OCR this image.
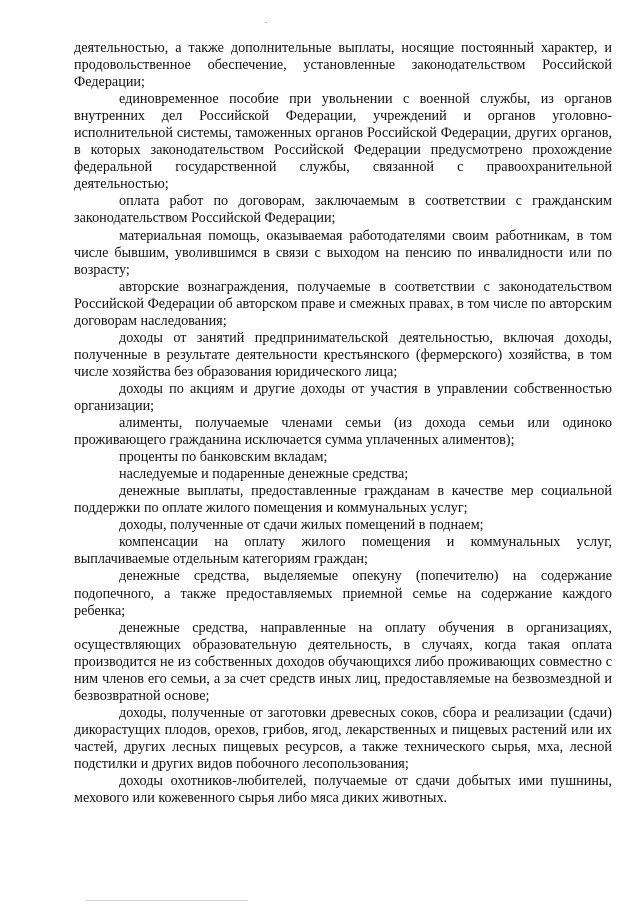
деятельностью, а также дополнительные выплаты, носящие постоянный характер, и продовольственное обеспечение, установленные законодательством Российской Федерации;

единовременное пособие при увольнении с военной службы, из органов внутренних дел Российской Федерации, учреждений и органов уголовно-исполнительной системы, таможенных органов Российской Федерации, других органов, в которых законодательством Российской Федерации предусмотрено прохождение федеральной государственной службы, связанной с правоохранительной деятельностью;

оплата работ по договорам, заключаемым в соответствии с гражданским законодательством Российской Федерации;

материальная помощь, оказываемая работодателями своим работникам, в том числе бывшим, уволившимся в связи с выходом на пенсию по инвалидности или по возрасту;

авторские вознаграждения, получаемые в соответствии с законодательством Российской Федерации об авторском праве и смежных правах, в том числе по авторским договорам наследования;

доходы от занятий предпринимательской деятельностью, включая доходы, полученные в результате деятельности крестьянского (фермерского) хозяйства, в том числе хозяйства без образования юридического лица;

доходы по акциям и другие доходы от участия в управлении собственностью организации;

алименты, получаемые членами семьи (из дохода семьи или одиноко проживающего гражданина исключается сумма уплаченных алиментов);

проценты по банковским вкладам;

наследуемые и подаренные денежные средства;

денежные выплаты, предоставленные гражданам в качестве мер социальной поддержки по оплате жилого помещения и коммунальных услуг;

доходы, полученные от сдачи жилых помещений в поднаем;

компенсации на оплату жилого помещения и коммунальных услуг, выплачиваемые отдельным категориям граждан;

денежные средства, выделяемые опекуну (попечителю) на содержание подопечного, а также предоставляемых приемной семье на содержание каждого ребенка;

денежные средства, направленные на оплату обучения в организациях, осуществляющих образовательную деятельность, в случаях, когда такая оплата производится не из собственных доходов обучающихся либо проживающих совместно с ним членов его семьи, а за счет средств иных лиц, предоставляемые на безвозмездной и безвозвратной основе;

доходы, полученные от заготовки древесных соков, сбора и реализации (сдачи) дикорастущих плодов, орехов, грибов, ягод, лекарственных и пищевых растений или их частей, других лесных пищевых ресурсов, а также технического сырья, мха, лесной подстилки и других видов побочного лесопользования;

доходы охотников-любителей, получаемые от сдачи добытых ими пушнины, мехового или кожевенного сырья либо мяса диких животных.
